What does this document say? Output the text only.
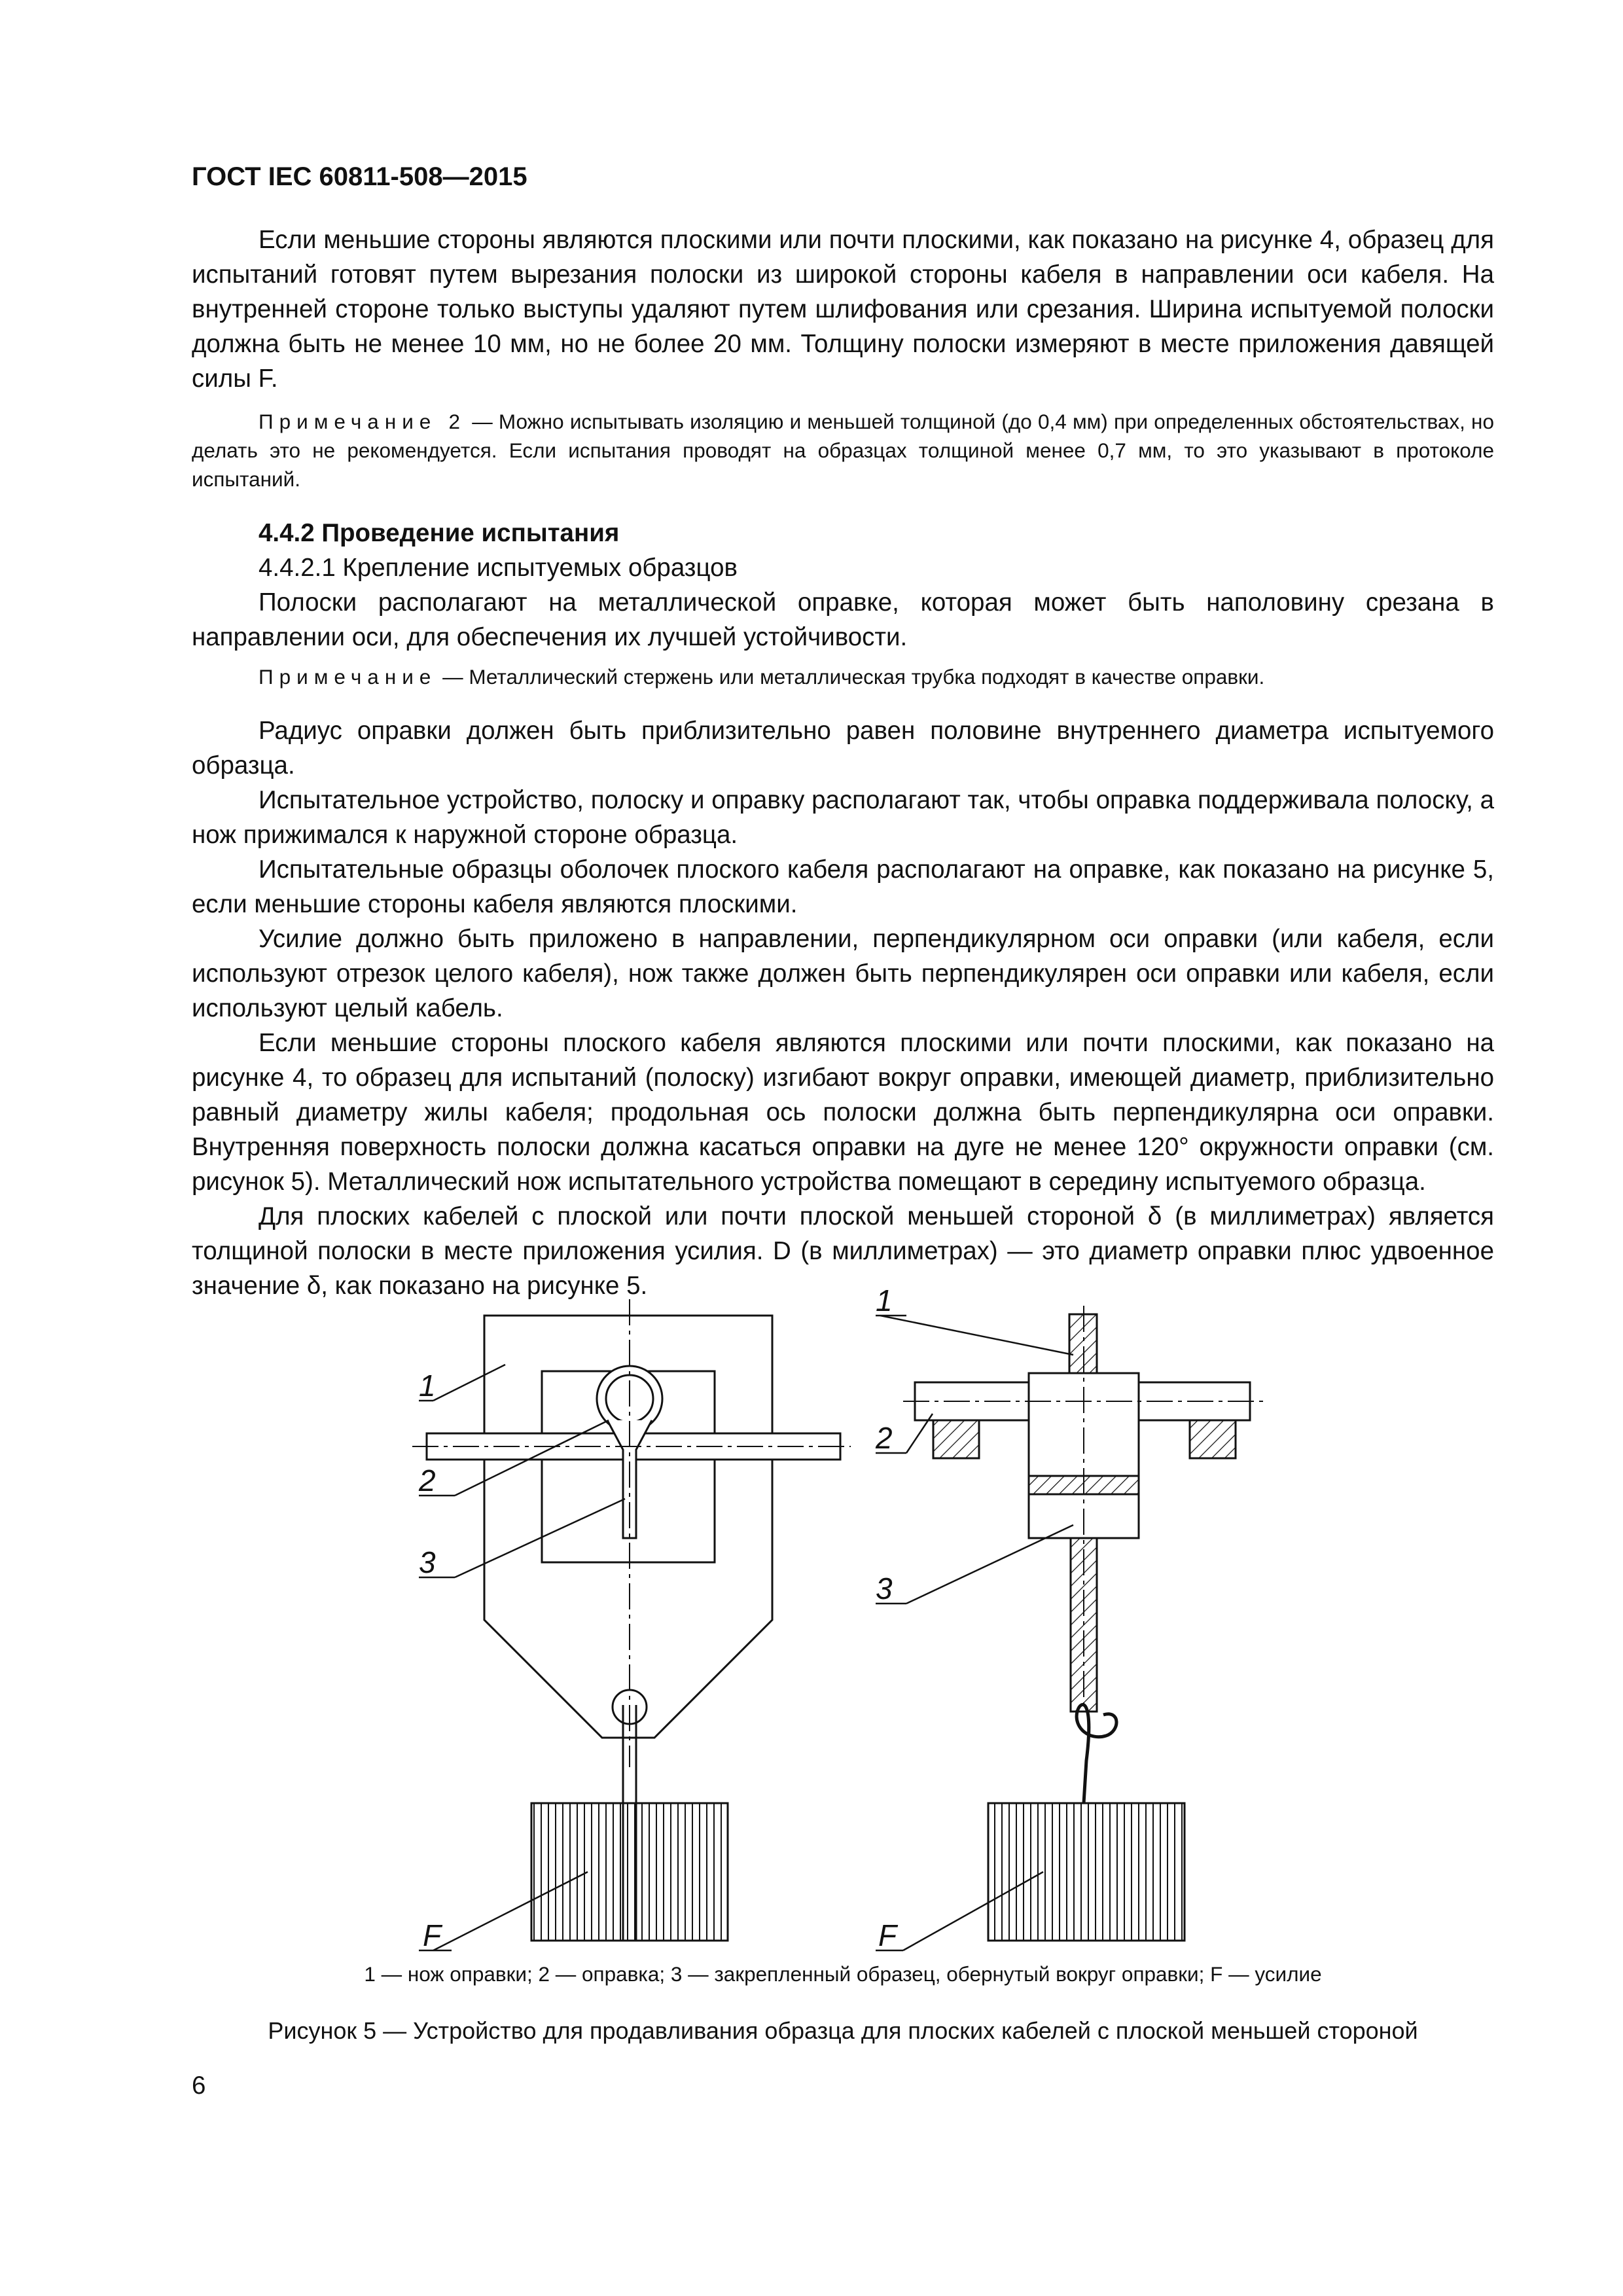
ГОСТ IEC 60811-508—2015

Если меньшие стороны являются плоскими или почти плоскими, как показано на рисунке 4, образец для испытаний готовят путем вырезания полоски из широкой стороны кабеля в направлении оси кабеля. На внутренней стороне только выступы удаляют путем шлифования или срезания. Ширина испытуемой полоски должна быть не менее 10 мм, но не более 20 мм. Толщину полоски измеряют в месте приложения давящей силы F.

Примечание 2 — Можно испытывать изоляцию и меньшей толщиной (до 0,4 мм) при определенных обстоятельствах, но делать это не рекомендуется. Если испытания проводят на образцах толщиной менее 0,7 мм, то это указывают в протоколе испытаний.

4.4.2 Проведение испытания
4.4.2.1 Крепление испытуемых образцов

Полоски располагают на металлической оправке, которая может быть наполовину срезана в направлении оси, для обеспечения их лучшей устойчивости.

Примечание — Металлический стержень или металлическая трубка подходят в качестве оправки.

Радиус оправки должен быть приблизительно равен половине внутреннего диаметра испытуемого образца.

Испытательное устройство, полоску и оправку располагают так, чтобы оправка поддерживала полоску, а нож прижимался к наружной стороне образца.

Испытательные образцы оболочек плоского кабеля располагают на оправке, как показано на рисунке 5, если меньшие стороны кабеля являются плоскими.

Усилие должно быть приложено в направлении, перпендикулярном оси оправки (или кабеля, если используют отрезок целого кабеля), нож также должен быть перпендикулярен оси оправки или кабеля, если используют целый кабель.

Если меньшие стороны плоского кабеля являются плоскими или почти плоскими, как показано на рисунке 4, то образец для испытаний (полоску) изгибают вокруг оправки, имеющей диаметр, приблизительно равный диаметру жилы кабеля; продольная ось полоски должна быть перпендикулярна оси оправки. Внутренняя поверхность полоски должна касаться оправки на дуге не менее 120° окружности оправки (см. рисунок 5). Металлический нож испытательного устройства помещают в середину испытуемого образца.

Для плоских кабелей с плоской или почти плоской меньшей стороной δ (в миллиметрах) является толщиной полоски в месте приложения усилия. D (в миллиметрах) — это диаметр оправки плюс удвоенное значение δ, как показано на рисунке 5.

1
2
3
F
1
2
3
F
1 — нож оправки; 2 — оправка; 3 — закрепленный образец, обернутый вокруг оправки; F — усилие
Рисунок 5 — Устройство для продавливания образца для плоских кабелей с плоской меньшей стороной
6
